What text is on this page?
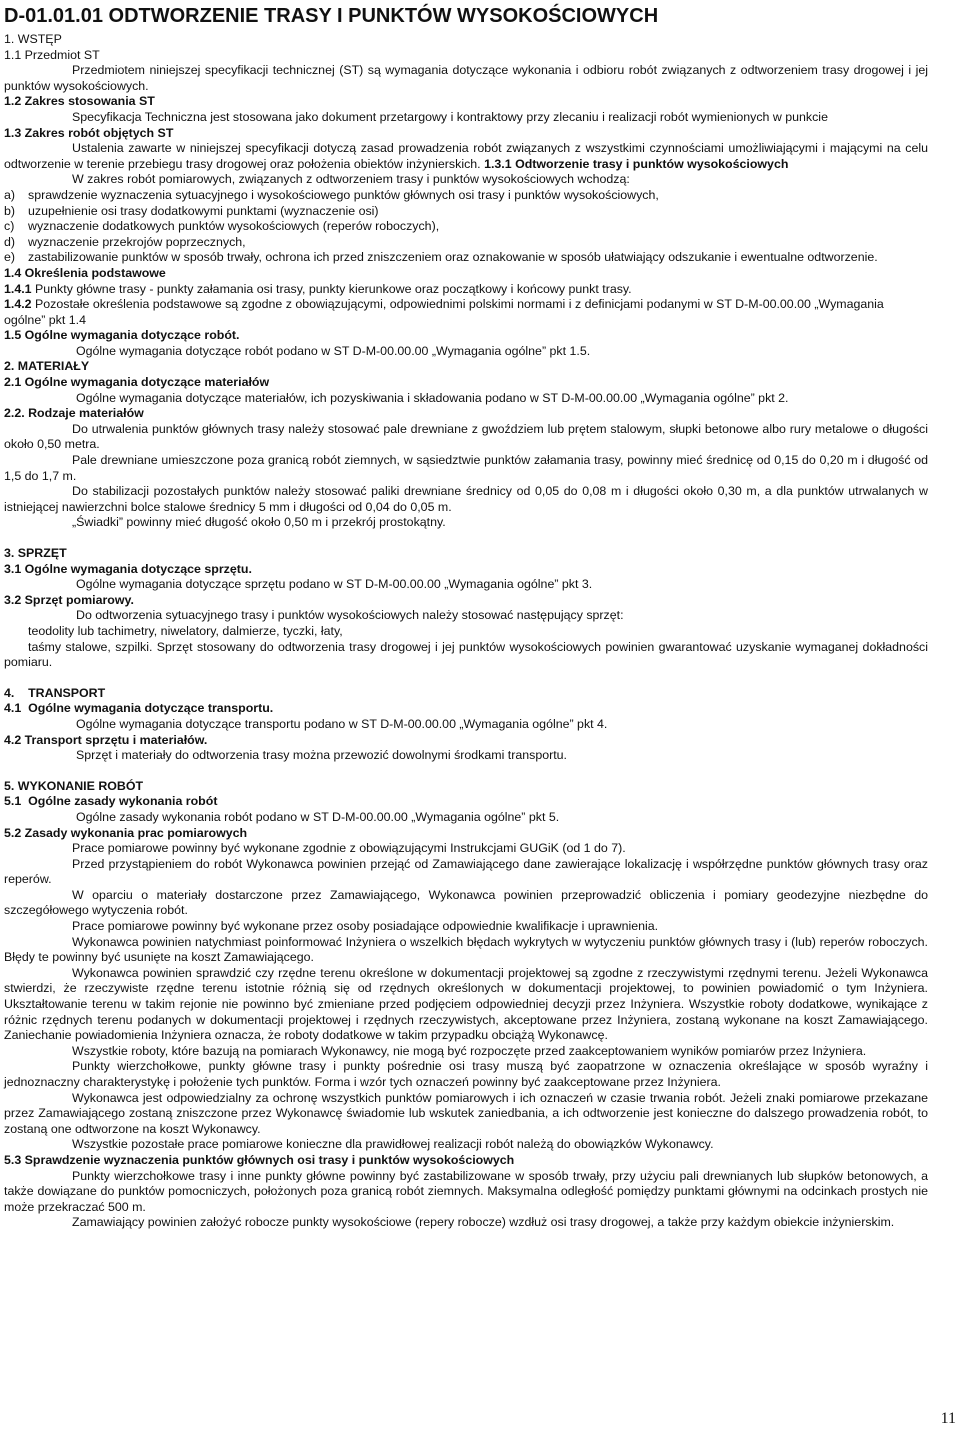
D-01.01.01 ODTWORZENIE TRASY I PUNKTÓW WYSOKOŚCIOWYCH

1. WSTĘP

1.1 Przedmiot ST

Przedmiotem niniejszej specyfikacji technicznej (ST) są wymagania dotyczące wykonania i odbioru robót związanych z odtworzeniem trasy drogowej i jej punktów wysokościowych.

1.2 Zakres stosowania ST

Specyfikacja Techniczna jest stosowana jako dokument przetargowy i kontraktowy przy zlecaniu i realizacji robót wymienionych w punkcie

1.3 Zakres robót objętych ST

Ustalenia zawarte w niniejszej specyfikacji dotyczą zasad prowadzenia robót związanych z wszystkimi czynnościami umożliwiającymi i mającymi na celu odtworzenie w terenie przebiegu trasy drogowej oraz położenia obiektów inżynierskich. 1.3.1 Odtworzenie trasy i punktów wysokościowych

W zakres robót pomiarowych, związanych z odtworzeniem trasy i punktów wysokościowych wchodzą:

a)	sprawdzenie wyznaczenia sytuacyjnego i wysokościowego punktów głównych osi trasy i punktów wysokościowych,
b)	uzupełnienie osi trasy dodatkowymi punktami (wyznaczenie osi)
c)	wyznaczenie dodatkowych punktów wysokościowych (reperów roboczych),
d)	wyznaczenie przekrojów poprzecznych,
e)	zastabilizowanie punktów w sposób trwały, ochrona ich przed zniszczeniem oraz oznakowanie w sposób ułatwiający odszukanie i ewentualne odtworzenie.

1.4 Określenia podstawowe

1.4.1 Punkty główne trasy - punkty załamania osi trasy, punkty kierunkowe oraz początkowy i końcowy punkt trasy.

1.4.2 Pozostałe określenia podstawowe są zgodne z obowiązującymi, odpowiednimi polskimi normami i z definicjami podanymi w ST D-M-00.00.00 „Wymagania ogólne” pkt 1.4

1.5 Ogólne wymagania dotyczące robót.

Ogólne wymagania dotyczące robót podano w ST D-M-00.00.00 „Wymagania ogólne” pkt 1.5.

2. MATERIAŁY

2.1 Ogólne wymagania dotyczące materiałów

Ogólne wymagania dotyczące materiałów, ich pozyskiwania i składowania podano w ST D-M-00.00.00 „Wymagania ogólne” pkt 2.

2.2. Rodzaje materiałów

Do utrwalenia punktów głównych trasy należy stosować pale drewniane z gwoździem lub prętem stalowym, słupki betonowe albo rury metalowe o długości około 0,50 metra.

Pale drewniane umieszczone poza granicą robót ziemnych, w sąsiedztwie punktów załamania trasy, powinny mieć średnicę od 0,15 do 0,20 m i długość od 1,5 do 1,7 m.

Do stabilizacji pozostałych punktów należy stosować paliki drewniane średnicy od 0,05 do 0,08 m i długości około 0,30 m, a dla punktów utrwalanych w istniejącej nawierzchni bolce stalowe średnicy 5 mm i długości od 0,04 do 0,05 m.

„Świadki” powinny mieć długość około 0,50 m i przekrój prostokątny.

3. SPRZĘT

3.1 Ogólne wymagania dotyczące sprzętu.

Ogólne wymagania dotyczące sprzętu podano w ST D-M-00.00.00 „Wymagania ogólne” pkt 3.

3.2 Sprzęt pomiarowy.

Do odtworzenia sytuacyjnego trasy i punktów wysokościowych należy stosować następujący sprzęt:

teodolity lub tachimetry, niwelatory, dalmierze, tyczki, łaty,

taśmy stalowe, szpilki. Sprzęt stosowany do odtworzenia trasy drogowej i jej punktów wysokościowych powinien gwarantować uzyskanie wymaganej dokładności pomiaru.

4.    TRANSPORT

4.1  Ogólne wymagania dotyczące transportu.

Ogólne wymagania dotyczące transportu podano w ST D-M-00.00.00 „Wymagania ogólne” pkt 4.

4.2 Transport sprzętu i materiałów.

Sprzęt i materiały do odtworzenia trasy można przewozić dowolnymi środkami transportu.

5. WYKONANIE ROBÓT

5.1  Ogólne zasady wykonania robót

Ogólne zasady wykonania robót podano w ST D-M-00.00.00 „Wymagania ogólne” pkt 5.

5.2 Zasady wykonania prac pomiarowych

Prace pomiarowe powinny być wykonane zgodnie z obowiązującymi Instrukcjami GUGiK (od 1 do 7).

Przed przystąpieniem do robót Wykonawca powinien przejąć od Zamawiającego dane zawierające lokalizację i współrzędne punktów głównych trasy oraz reperów.

W oparciu o materiały dostarczone przez Zamawiającego, Wykonawca powinien przeprowadzić obliczenia i pomiary geodezyjne niezbędne do szczegółowego wytyczenia robót.

Prace pomiarowe powinny być wykonane przez osoby posiadające odpowiednie kwalifikacje i uprawnienia.

Wykonawca powinien natychmiast poinformować Inżyniera o wszelkich błędach wykrytych w wytyczeniu punktów głównych trasy i (lub) reperów roboczych. Błędy te powinny być usunięte na koszt Zamawiającego.

Wykonawca powinien sprawdzić czy rzędne terenu określone w dokumentacji projektowej są zgodne z rzeczywistymi rzędnymi terenu. Jeżeli Wykonawca stwierdzi, że rzeczywiste rzędne terenu istotnie różnią się od rzędnych określonych w dokumentacji projektowej, to powinien powiadomić o tym Inżyniera. Ukształtowanie terenu w takim rejonie nie powinno być zmieniane przed podjęciem odpowiedniej decyzji przez Inżyniera. Wszystkie roboty dodatkowe, wynikające z różnic rzędnych terenu podanych w dokumentacji projektowej i rzędnych rzeczywistych, akceptowane przez Inżyniera, zostaną wykonane na koszt Zamawiającego. Zaniechanie powiadomienia Inżyniera oznacza, że roboty dodatkowe w takim przypadku obciążą Wykonawcę.

Wszystkie roboty, które bazują na pomiarach Wykonawcy, nie mogą być rozpoczęte przed zaakceptowaniem wyników pomiarów przez Inżyniera.

Punkty wierzchołkowe, punkty główne trasy i punkty pośrednie osi trasy muszą być zaopatrzone w oznaczenia określające w sposób wyraźny i jednoznaczny charakterystykę i położenie tych punktów. Forma i wzór tych oznaczeń powinny być zaakceptowane przez Inżyniera.

Wykonawca jest odpowiedzialny za ochronę wszystkich punktów pomiarowych i ich oznaczeń w czasie trwania robót. Jeżeli znaki pomiarowe przekazane przez Zamawiającego zostaną zniszczone przez Wykonawcę świadomie lub wskutek zaniedbania, a ich odtworzenie jest konieczne do dalszego prowadzenia robót, to zostaną one odtworzone na koszt Wykonawcy.

Wszystkie pozostałe prace pomiarowe konieczne dla prawidłowej realizacji robót należą do obowiązków Wykonawcy.

5.3 Sprawdzenie wyznaczenia punktów głównych osi trasy i punktów wysokościowych

Punkty wierzchołkowe trasy i inne punkty główne powinny być zastabilizowane w sposób trwały, przy użyciu pali drewnianych lub słupków betonowych, a także dowiązane do punktów pomocniczych, położonych poza granicą robót ziemnych. Maksymalna odległość pomiędzy punktami głównymi na odcinkach prostych nie może przekraczać 500 m.

Zamawiający powinien założyć robocze punkty wysokościowe (repery robocze) wzdłuż osi trasy drogowej, a także przy każdym obiekcie inżynierskim.

11
